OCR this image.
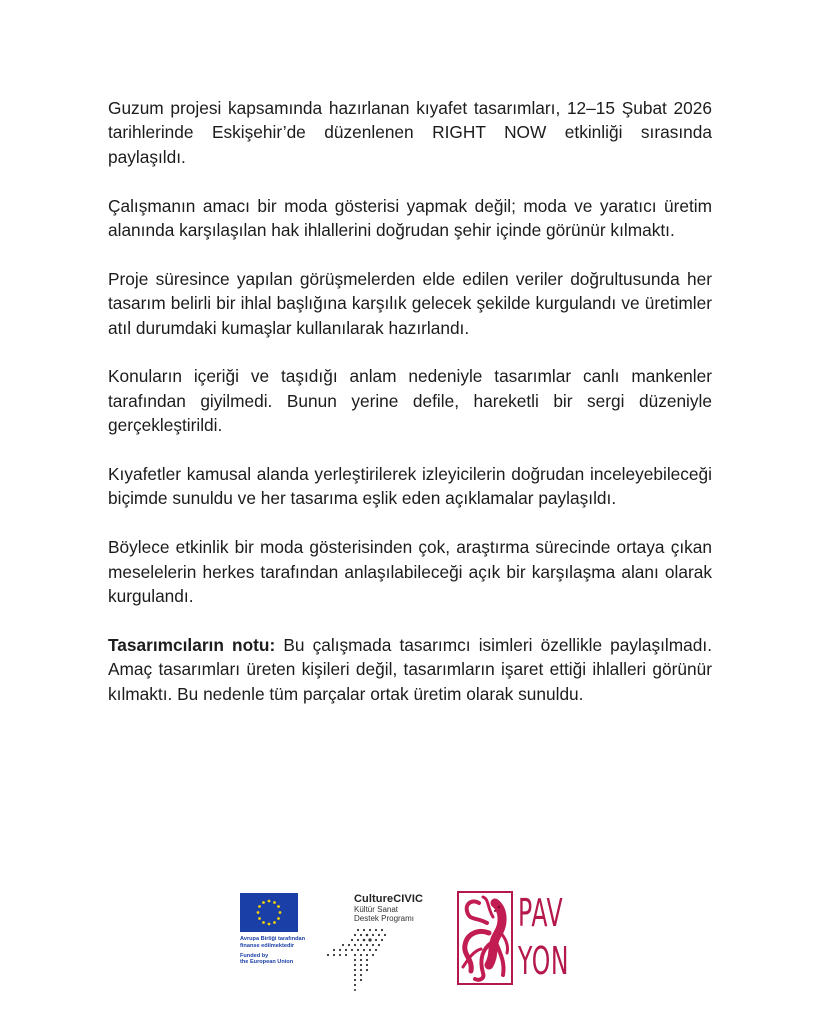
Guzum projesi kapsamında hazırlanan kıyafet tasarımları, 12–15 Şubat 2026 tarihlerinde Eskişehir’de düzenlenen RIGHT NOW etkinliği sırasında paylaşıldı.

Çalışmanın amacı bir moda gösterisi yapmak değil; moda ve yaratıcı üretim alanında karşılaşılan hak ihlallerini doğrudan şehir içinde görünür kılmaktı.

Proje süresince yapılan görüşmelerden elde edilen veriler doğrultusunda her tasarım belirli bir ihlal başlığına karşılık gelecek şekilde kurgulandı ve üretimler atıl durumdaki kumaşlar kullanılarak hazırlandı.

Konuların içeriği ve taşıdığı anlam nedeniyle tasarımlar canlı mankenler tarafından giyilmedi. Bunun yerine defile, hareketli bir sergi düzeniyle gerçekleştirildi.

Kıyafetler kamusal alanda yerleştirilerek izleyicilerin doğrudan inceleyebileceği biçimde sunuldu ve her tasarıma eşlik eden açıklamalar paylaşıldı.

Böylece etkinlik bir moda gösterisinden çok, araştırma sürecinde ortaya çıkan meselelerin herkes tarafından anlaşılabileceği açık bir karşılaşma alanı olarak kurgulandı.

Tasarımcıların notu: Bu çalışmada tasarımcı isimleri özellikle paylaşılmadı. Amaç tasarımları üreten kişileri değil, tasarımların işaret ettiği ihlalleri görünür kılmaktı. Bu nedenle tüm parçalar ortak üretim olarak sunuldu.

Avrupa Birliği tarafından
finanse edilmektedir
Funded by
the European Union
CultureCIVIC
Kültür Sanat
Destek Programı	PAV
YON
